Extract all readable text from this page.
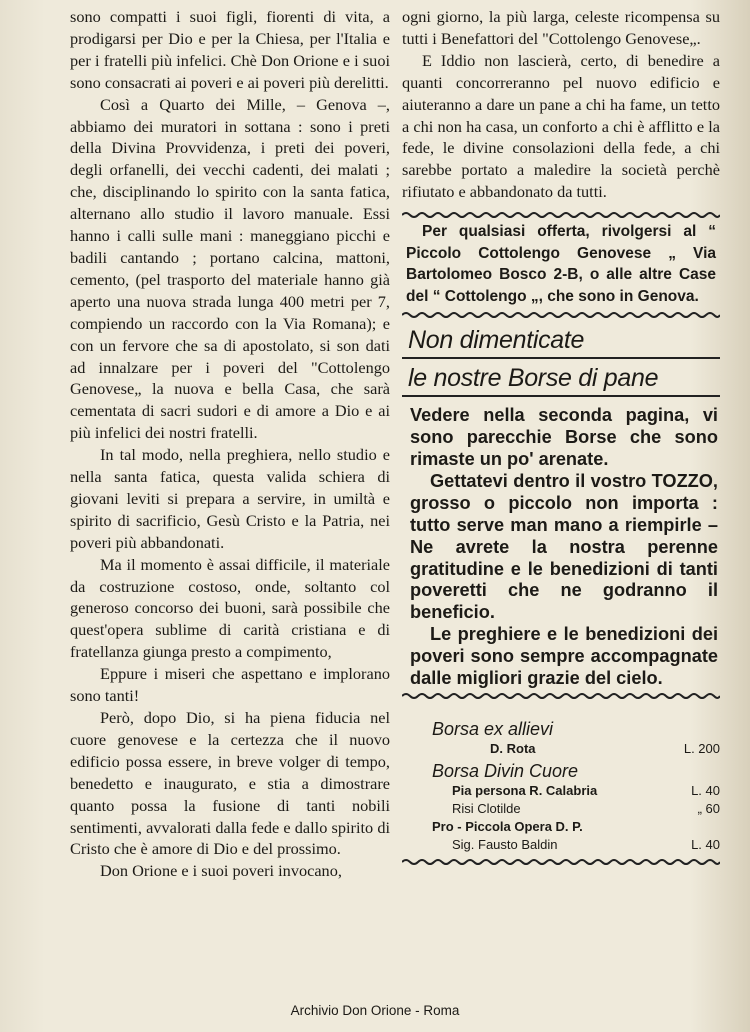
sono compatti i suoi figli, fiorenti di vita, a prodigarsi per Dio e per la Chiesa, per l'Italia e per i fratelli più infelici. Chè Don Orione e i suoi sono consacrati ai poveri e ai poveri più derelitti.

Così a Quarto dei Mille, – Genova –, abbiamo dei muratori in sottana : sono i preti della Divina Provvidenza, i preti dei poveri, degli orfanelli, dei vecchi cadenti, dei malati ; che, disciplinando lo spirito con la santa fatica, alternano allo studio il lavoro manuale. Essi hanno i calli sulle mani : maneggiano picchi e badili cantando ; portano calcina, mattoni, cemento, (pel trasporto del materiale hanno già aperto una nuova strada lunga 400 metri per 7, compiendo un raccordo con la Via Romana); e con un fervore che sa di apostolato, si son dati ad innalzare per i poveri del "Cottolengo Genovese„ la nuova e bella Casa, che sarà cementata di sacri sudori e di amore a Dio e ai più infelici dei nostri fratelli.

In tal modo, nella preghiera, nello studio e nella santa fatica, questa valida schiera di giovani leviti si prepara a servire, in umiltà e spirito di sacrificio, Gesù Cristo e la Patria, nei poveri più abbandonati.

Ma il momento è assai difficile, il materiale da costruzione costoso, onde, soltanto col generoso concorso dei buoni, sarà possibile che quest'opera sublime di carità cristiana e di fratellanza giunga presto a compimento,

Eppure i miseri che aspettano e implorano sono tanti!

Però, dopo Dio, si ha piena fiducia nel cuore genovese e la certezza che il nuovo edificio possa essere, in breve volger di tempo, benedetto e inaugurato, e stia a dimostrare quanto possa la fusione di tanti nobili sentimenti, avvalorati dalla fede e dallo spirito di Cristo che è amore di Dio e del prossimo.

Don Orione e i suoi poveri invocano,

ogni giorno, la più larga, celeste ricompensa su tutti i Benefattori del "Cottolengo Genovese„.

E Iddio non lascierà, certo, di benedire a quanti concorreranno pel nuovo edificio e aiuteranno a dare un pane a chi ha fame, un tetto a chi non ha casa, un conforto a chi è afflitto e la fede, le divine consolazioni della fede, a chi sarebbe portato a maledire la società perchè rifiutato e abbandonato da tutti.

Per qualsiasi offerta, rivolgersi al “ Piccolo Cottolengo Genovese „ Via Bartolomeo Bosco 2-B, o alle altre Case del “ Cottolengo „, che sono in Genova.

Non dimenticate
le nostre Borse di pane

Vedere nella seconda pagina, vi sono parecchie Borse che sono rimaste un po' arenate.

Gettatevi dentro il vostro TOZZO, grosso o piccolo non importa : tutto serve man mano a riempirle – Ne avrete la nostra perenne gratitudine e le benedizioni di tanti poveretti che ne godranno il beneficio.

Le preghiere e le benedizioni dei poveri sono sempre accompagnate dalle migliori grazie del cielo.

Borsa ex allievi
D. Rota	L. 200
Borsa Divin Cuore
Pia persona R. Calabria	L. 40
Risi Clotilde	„ 60
Pro - Piccola Opera D. P.
Sig. Fausto Baldin	L. 40
Archivio Don Orione - Roma
